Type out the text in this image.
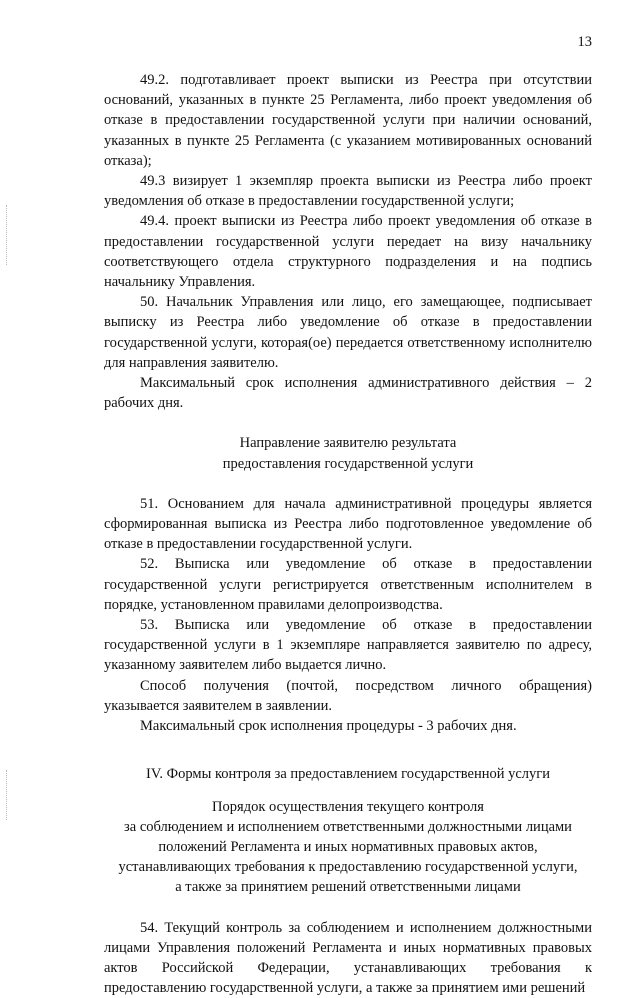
13

49.2. подготавливает проект выписки из Реестра при отсутствии оснований, указанных в пункте 25 Регламента, либо проект уведомления об отказе в предоставлении государственной услуги при наличии оснований, указанных в пункте 25 Регламента (с указанием мотивированных оснований отказа);

49.3 визирует 1 экземпляр проекта выписки из Реестра либо проект уведомления об отказе в предоставлении государственной услуги;

49.4. проект выписки из Реестра либо проект уведомления об отказе в предоставлении государственной услуги передает на визу начальнику соответствующего отдела структурного подразделения и на подпись начальнику Управления.

50. Начальник Управления или лицо, его замещающее, подписывает выписку из Реестра либо уведомление об отказе в предоставлении государственной услуги, которая(ое) передается ответственному исполнителю для направления заявителю.

Максимальный срок исполнения административного действия – 2 рабочих дня.

Направление заявителю результата

предоставления государственной услуги

51. Основанием для начала административной процедуры является сформированная выписка из Реестра либо подготовленное уведомление об отказе в предоставлении государственной услуги.

52. Выписка или уведомление об отказе в предоставлении государственной услуги регистрируется ответственным исполнителем в порядке, установленном правилами делопроизводства.

53. Выписка или уведомление об отказе в предоставлении государственной услуги в 1 экземпляре направляется заявителю по адресу, указанному заявителем либо выдается лично.

Способ получения (почтой, посредством личного обращения) указывается заявителем в заявлении.

Максимальный срок исполнения процедуры - 3 рабочих дня.

IV. Формы контроля за предоставлением государственной услуги

Порядок осуществления текущего контроля

за соблюдением и исполнением ответственными должностными лицами

положений Регламента и иных нормативных правовых актов,

устанавливающих требования к предоставлению государственной услуги,

а также за принятием решений ответственными лицами

54. Текущий контроль за соблюдением и исполнением должностными лицами Управления положений Регламента и иных нормативных правовых актов Российской Федерации, устанавливающих требования к предоставлению государственной услуги, а также за принятием ими решений
